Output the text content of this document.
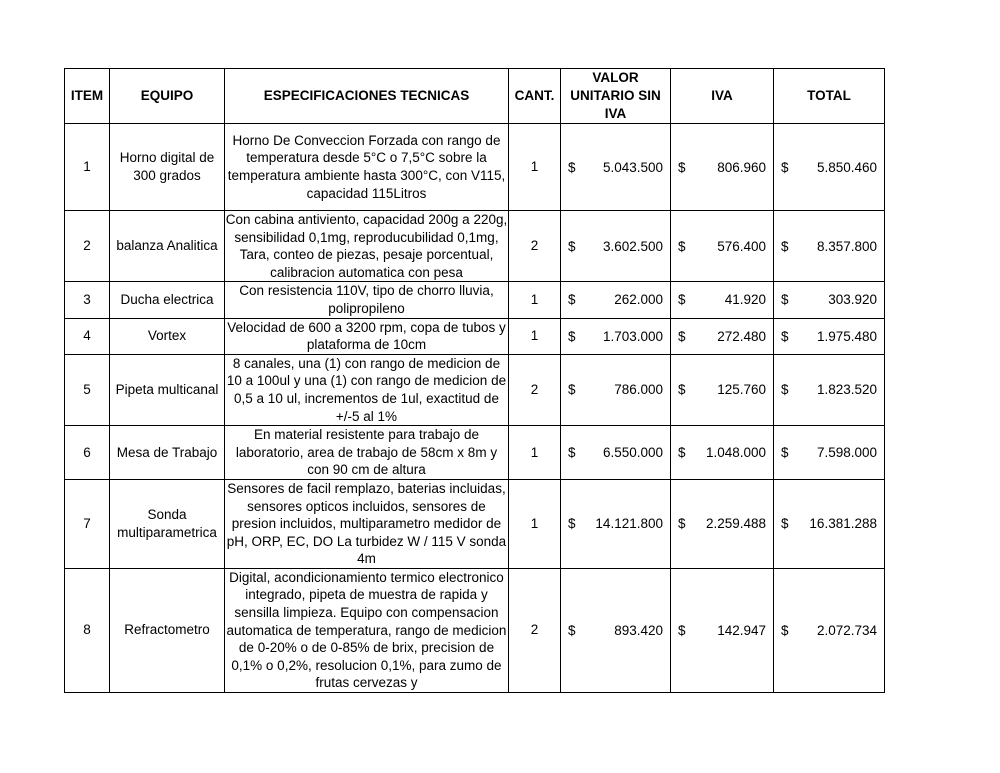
ITEM	EQUIPO	ESPECIFICACIONES TECNICAS	CANT.	VALOR UNITARIO SIN IVA	IVA	TOTAL
1	Horno digital de 300 grados	Horno De Conveccion Forzada con rango de temperatura desde 5°C o 7,5°C sobre la temperatura ambiente hasta 300°C, con V115, capacidad 115Litros	1	$ 5.043.500	$ 806.960	$ 5.850.460

2	balanza Analitica	Con cabina antiviento, capacidad 200g a 220g, sensibilidad 0,1mg, reproducubilidad 0,1mg, Tara, conteo de piezas, pesaje porcentual, calibracion automatica con pesa	2	$ 3.602.500	$ 576.400	$ 8.357.800

3	Ducha electrica	Con resistencia 110V, tipo de chorro lluvia, polipropileno	1	$ 262.000	$ 41.920	$ 303.920

4	Vortex	Velocidad de 600 a 3200 rpm, copa de tubos y plataforma de 10cm	1	$ 1.703.000	$ 272.480	$ 1.975.480

5	Pipeta multicanal	8 canales, una (1) con rango de medicion de 10 a 100ul y una (1) con rango de medicion de 0,5 a 10 ul, incrementos de 1ul, exactitud de +/-5 al 1%	2	$ 786.000	$ 125.760	$ 1.823.520

6	Mesa de Trabajo	En material resistente para trabajo de laboratorio, area de trabajo de 58cm x 8m y con 90 cm de altura	1	$ 6.550.000	$ 1.048.000	$ 7.598.000

7	Sonda multiparametrica	Sensores de facil remplazo, baterias incluidas, sensores opticos incluidos, sensores de presion incluidos, multiparametro medidor de pH, ORP, EC, DO La turbidez W / 115 V sonda 4m	1	$ 14.121.800	$ 2.259.488	$ 16.381.288

8	Refractometro	Digital, acondicionamiento termico electronico integrado, pipeta de muestra de rapida y sensilla limpieza. Equipo con compensacion automatica de temperatura, rango de medicion de 0-20% o de 0-85% de brix, precision de 0,1% o 0,2%, resolucion 0,1%, para zumo de frutas cervezas y	2	$ 893.420	$ 142.947	$ 2.072.734
